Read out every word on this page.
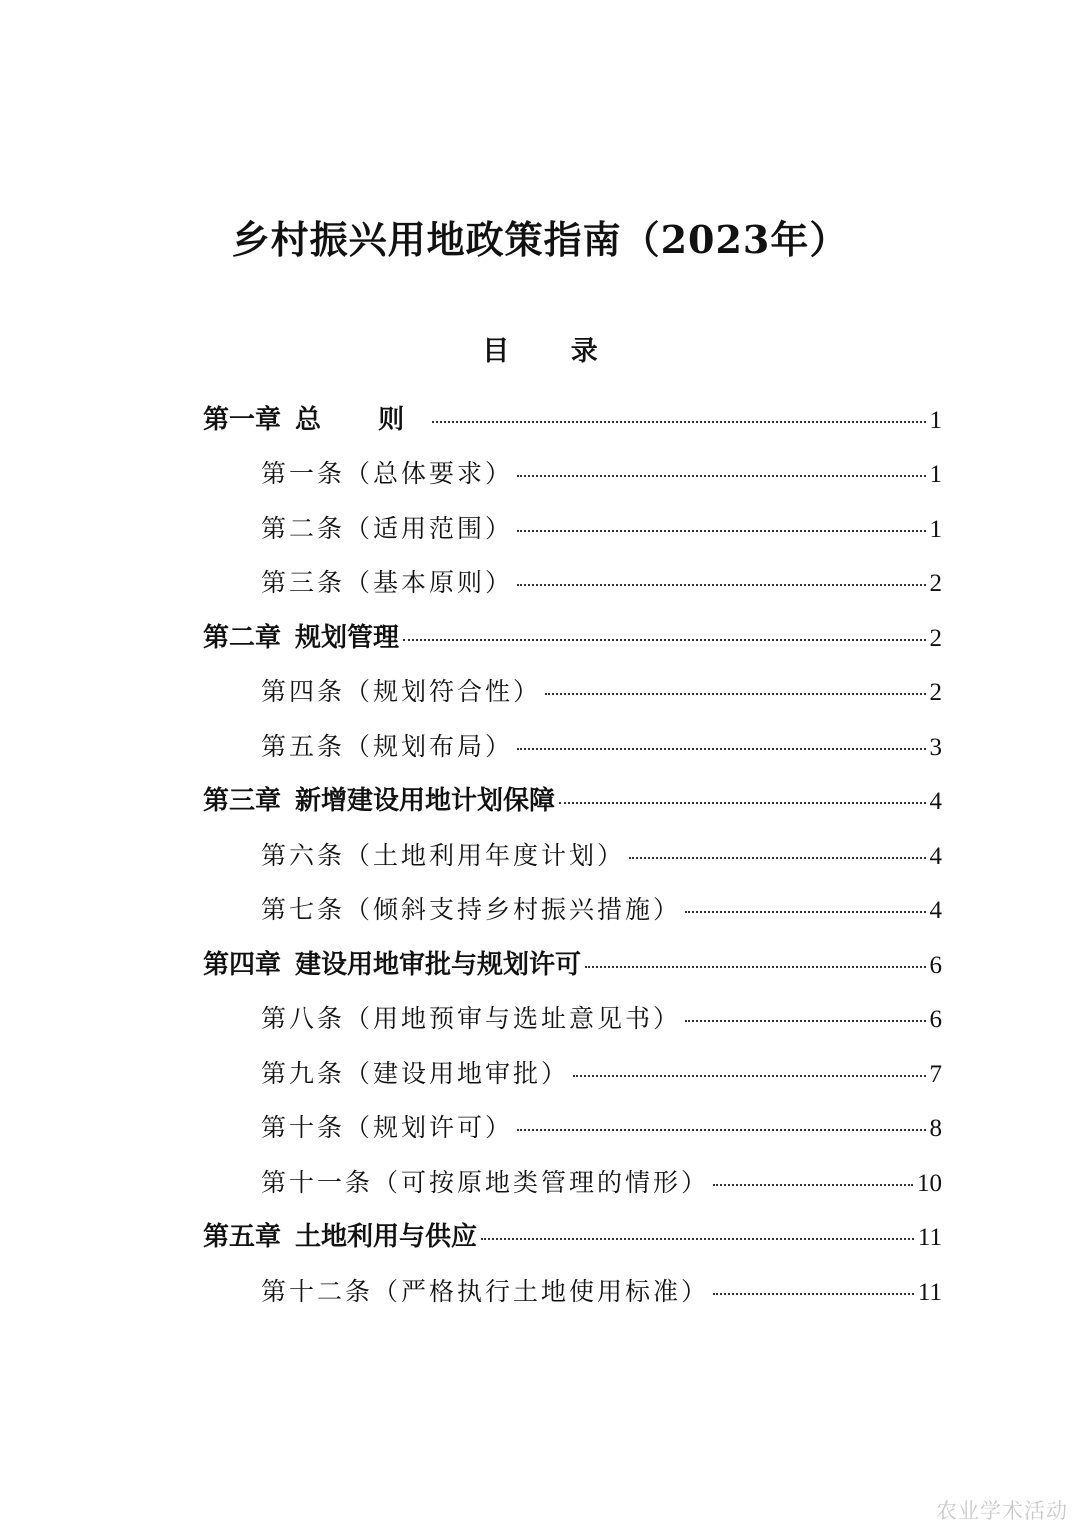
乡村振兴用地政策指南（2023年）
目 录
第一章 总 则	1
第一条（总体要求）	1
第二条（适用范围）	1
第三条（基本原则）	2
第二章 规划管理	2
第四条（规划符合性）	2
第五条（规划布局）	3
第三章 新增建设用地计划保障	4
第六条（土地利用年度计划）	4
第七条（倾斜支持乡村振兴措施）	4
第四章 建设用地审批与规划许可	6
第八条（用地预审与选址意见书）	6
第九条（建设用地审批）	7
第十条（规划许可）	8
第十一条（可按原地类管理的情形）	10
第五章 土地利用与供应	11
第十二条（严格执行土地使用标准）	11
农业学术活动
